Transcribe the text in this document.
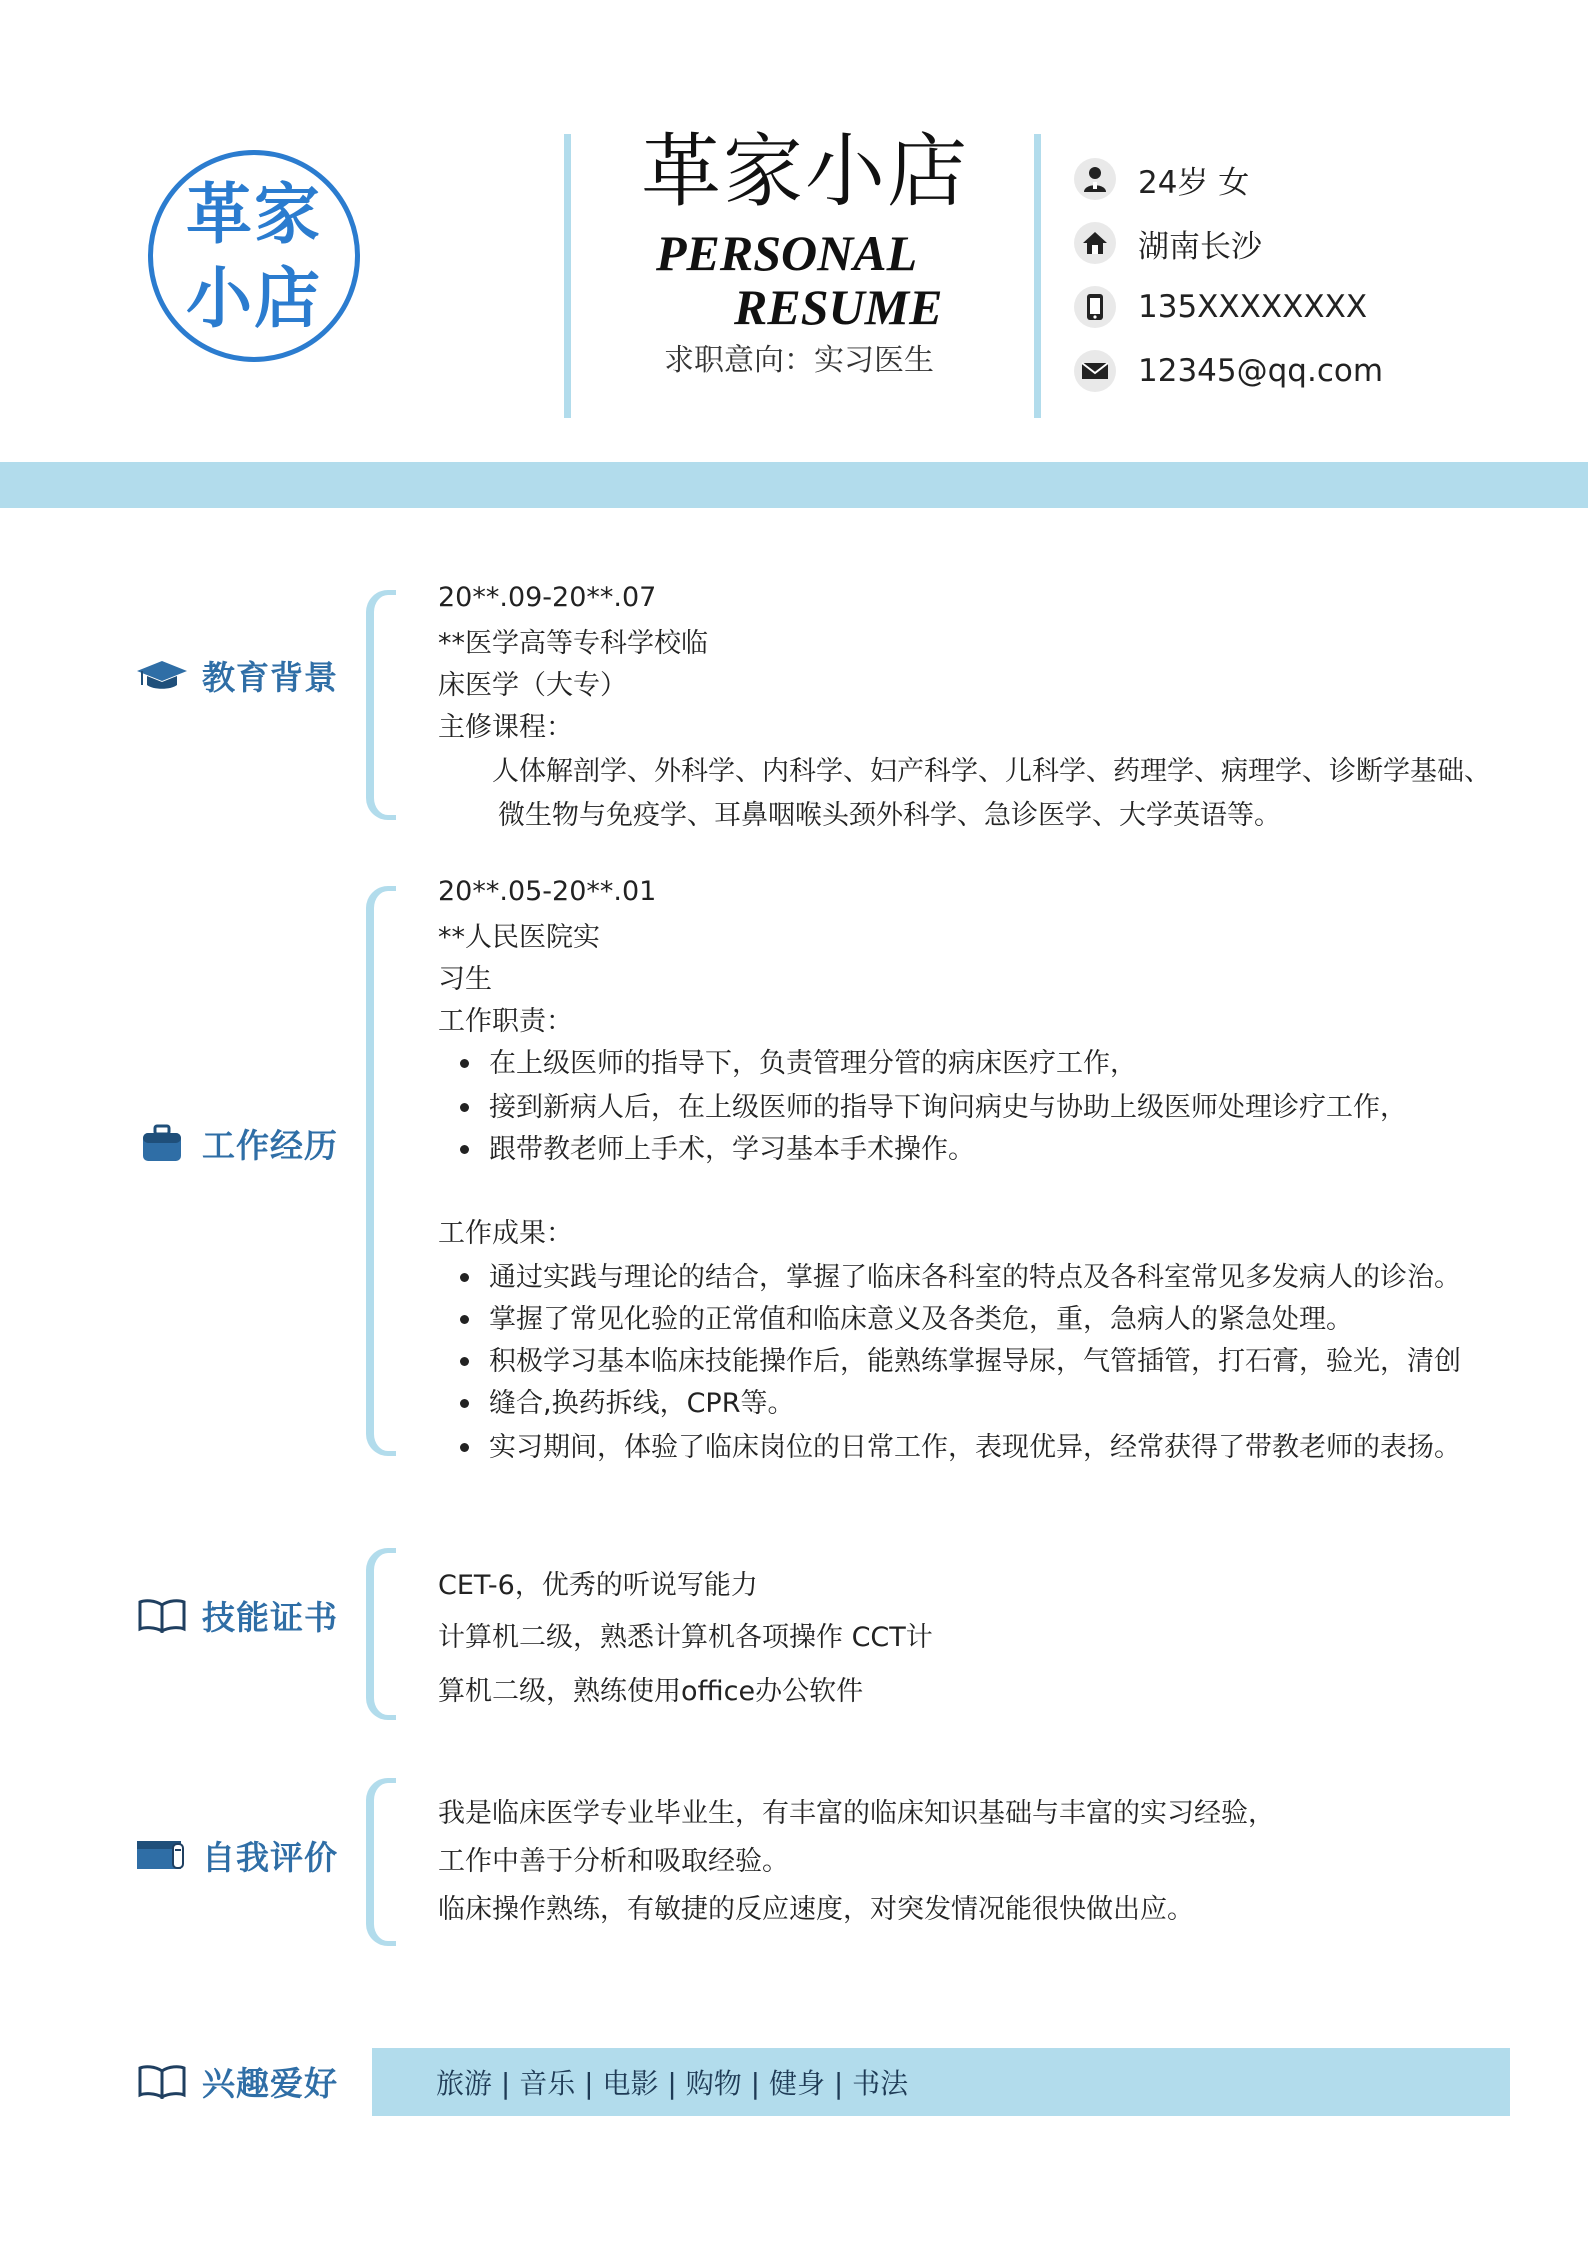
革家
小店
革家小店
PERSONAL
RESUME
求职意向：实习医生
24岁 女
湖南长沙
135XXXXXXXX
12345@qq.com
教育背景
20**.09-20**.07
**医学高等专科学校临
床医学（大专）
主修课程：
人体解剖学、外科学、内科学、妇产科学、儿科学、药理学、病理学、诊断学基础、
微生物与免疫学、耳鼻咽喉头颈外科学、急诊医学、大学英语等。
工作经历
20**.05-20**.01
**人民医院实
习生
工作职责：
在上级医师的指导下，负责管理分管的病床医疗工作，
接到新病人后，在上级医师的指导下询问病史与协助上级医师处理诊疗工作，
跟带教老师上手术，学习基本手术操作。
工作成果：
通过实践与理论的结合，掌握了临床各科室的特点及各科室常见多发病人的诊治。
掌握了常见化验的正常值和临床意义及各类危，重，急病人的紧急处理。
积极学习基本临床技能操作后，能熟练掌握导尿，气管插管，打石膏，验光，清创
缝合,换药拆线，CPR等。
实习期间，体验了临床岗位的日常工作，表现优异，经常获得了带教老师的表扬。
技能证书
CET-6，优秀的听说写能力
计算机二级，熟悉计算机各项操作 CCT计
算机二级，熟练使用office办公软件
自我评价
我是临床医学专业毕业生，有丰富的临床知识基础与丰富的实习经验，
工作中善于分析和吸取经验。
临床操作熟练，有敏捷的反应速度，对突发情况能很快做出应。
兴趣爱好	旅游 | 音乐 | 电影 | 购物 | 健身 | 书法
